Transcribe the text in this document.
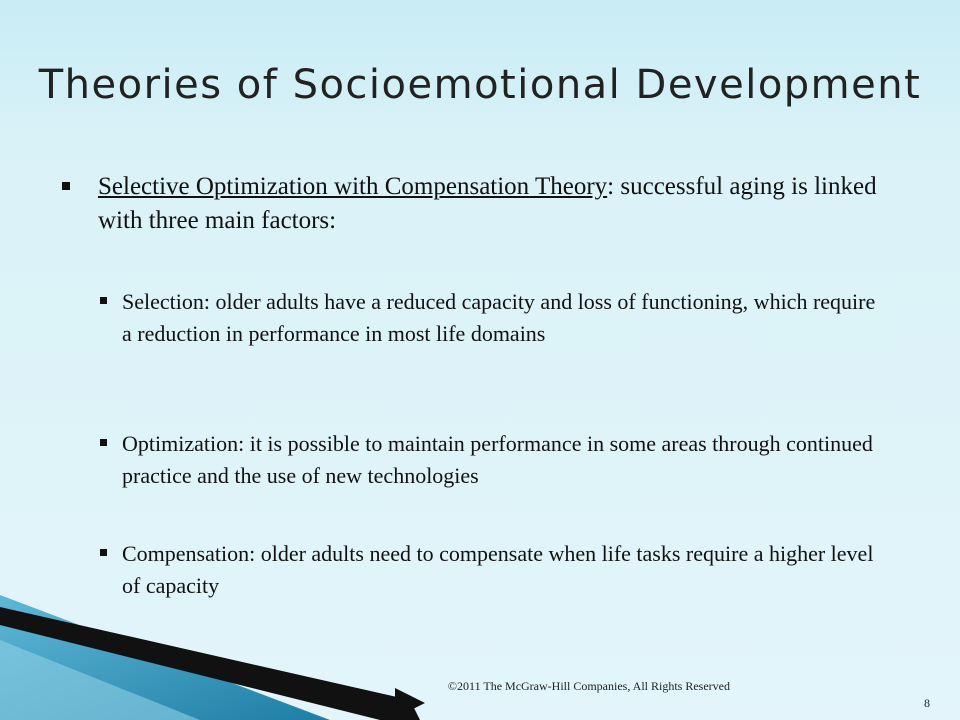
Theories of Socioemotional Development
Selective Optimization with Compensation Theory: successful aging is linked with three main factors:
Selection: older adults have a reduced capacity and loss of functioning, which require a reduction in performance in most life domains
Optimization: it is possible to maintain performance in some areas through continued practice and the use of new technologies
Compensation: older adults need to compensate when life tasks require a higher level of capacity
©2011 The McGraw-Hill Companies, All Rights Reserved
8
